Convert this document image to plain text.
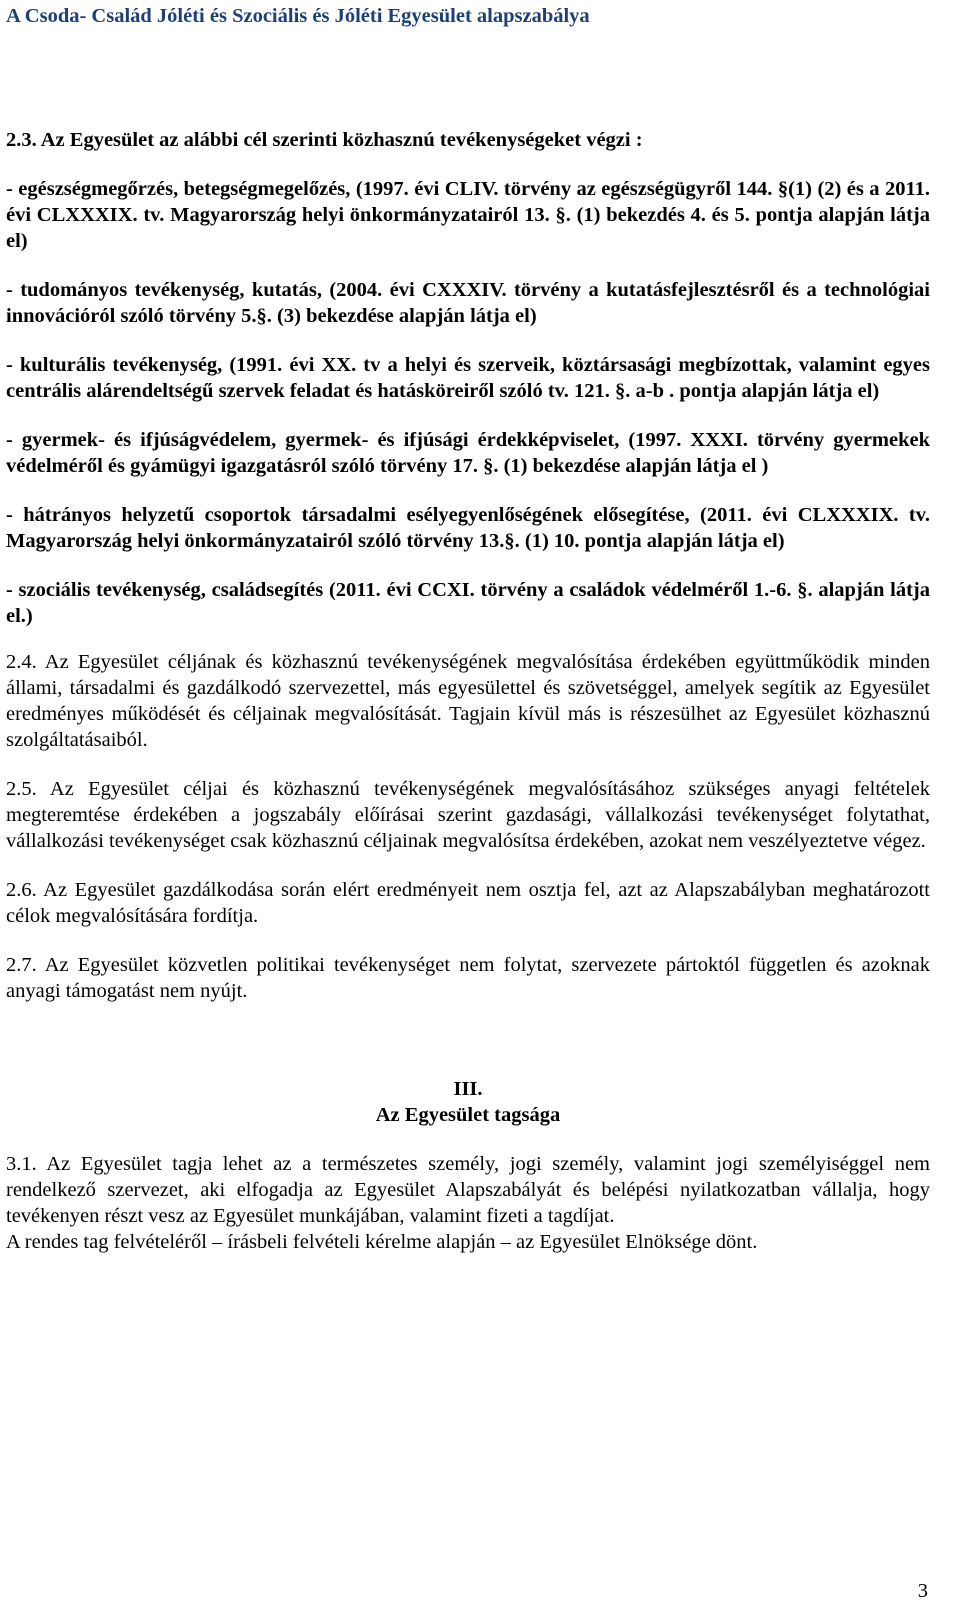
A Csoda- Család Jóléti és Szociális és Jóléti Egyesület alapszabálya

2.3. Az Egyesület az alábbi cél szerinti közhasznú tevékenységeket végzi :

- egészségmegőrzés, betegségmegelőzés, (1997. évi CLIV. törvény az egészségügyről 144. §(1) (2) és a 2011. évi CLXXXIX. tv. Magyarország helyi önkormányzatairól 13. §. (1) bekezdés 4. és 5. pontja alapján látja el)

- tudományos tevékenység, kutatás, (2004. évi CXXXIV. törvény a kutatásfejlesztésről és a technológiai innovációról szóló törvény 5.§. (3) bekezdése alapján látja el)

- kulturális tevékenység, (1991. évi XX. tv a helyi és szerveik, köztársasági megbízottak, valamint egyes centrális alárendeltségű szervek feladat és hatásköreiről szóló tv. 121. §. a-b . pontja alapján látja el)

- gyermek- és ifjúságvédelem, gyermek- és ifjúsági érdekképviselet, (1997. XXXI. törvény gyermekek védelméről és gyámügyi igazgatásról szóló törvény 17. §. (1) bekezdése alapján látja el )

- hátrányos helyzetű csoportok társadalmi esélyegyenlőségének elősegítése, (2011. évi CLXXXIX. tv. Magyarország helyi önkormányzatairól szóló törvény 13.§. (1) 10. pontja alapján látja el)

- szociális tevékenység, családsegítés (2011. évi CCXI. törvény a családok védelméről 1.-6. §. alapján látja el.)

2.4. Az Egyesület céljának és közhasznú tevékenységének megvalósítása érdekében együttműködik minden állami, társadalmi és gazdálkodó szervezettel, más egyesülettel és szövetséggel, amelyek segítik az Egyesület eredményes működését és céljainak megvalósítását. Tagjain kívül más is részesülhet az Egyesület közhasznú szolgáltatásaiból.

2.5. Az Egyesület céljai és közhasznú tevékenységének megvalósításához szükséges anyagi feltételek megteremtése érdekében a jogszabály előírásai szerint gazdasági, vállalkozási tevékenységet folytathat, vállalkozási tevékenységet csak közhasznú céljainak megvalósítsa érdekében, azokat nem veszélyeztetve végez.

2.6. Az Egyesület gazdálkodása során elért eredményeit nem osztja fel, azt az Alapszabályban meghatározott célok megvalósítására fordítja.

2.7. Az Egyesület közvetlen politikai tevékenységet nem folytat, szervezete pártoktól független és azoknak anyagi támogatást nem nyújt.

III.

Az Egyesület tagsága

3.1. Az Egyesület tagja lehet az a természetes személy, jogi személy, valamint jogi személyiséggel nem rendelkező szervezet, aki elfogadja az Egyesület Alapszabályát és belépési nyilatkozatban vállalja, hogy tevékenyen részt vesz az Egyesület munkájában, valamint fizeti a tagdíjat.

A rendes tag felvételéről – írásbeli felvételi kérelme alapján – az Egyesület Elnöksége dönt.

3
